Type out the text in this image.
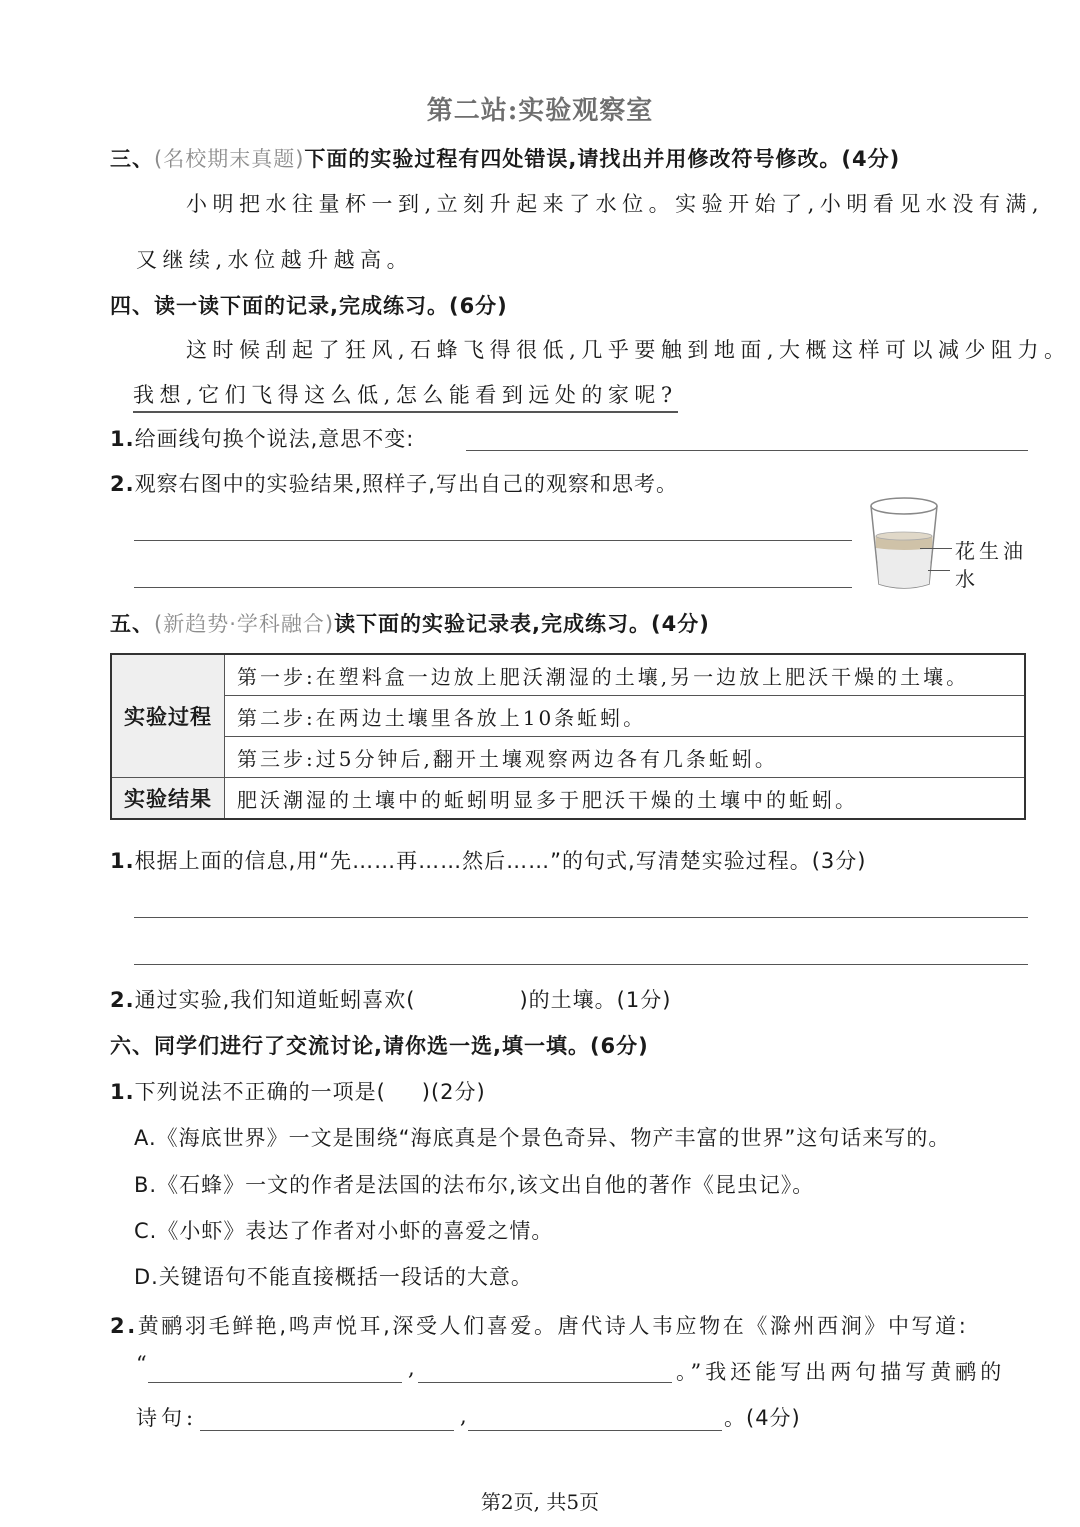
第二站:实验观察室
三、(名校期末真题)下面的实验过程有四处错误,请找出并用修改符号修改。(4分)
小明把水往量杯一到,立刻升起来了水位。实验开始了,小明看见水没有满,
又继续,水位越升越高。
四、读一读下面的记录,完成练习。(6分)
这时候刮起了狂风,石蜂飞得很低,几乎要触到地面,大概这样可以减少阻力。
我想,它们飞得这么低,怎么能看到远处的家呢?
1.给画线句换个说法,意思不变:
2.观察右图中的实验结果,照样子,写出自己的观察和思考。
花生油
水
五、(新趋势·学科融合)读下面的实验记录表,完成练习。(4分)
实验过程	第一步:在塑料盒一边放上肥沃潮湿的土壤,另一边放上肥沃干燥的土壤。
	第二步:在两边土壤里各放上10条蚯蚓。
	第三步:过5分钟后,翻开土壤观察两边各有几条蚯蚓。
实验结果	肥沃潮湿的土壤中的蚯蚓明显多于肥沃干燥的土壤中的蚯蚓。
1.根据上面的信息,用“先……再……然后……”的句式,写清楚实验过程。(3分)
2.通过实验,我们知道蚯蚓喜欢(	)的土壤。(1分)
六、同学们进行了交流讨论,请你选一选,填一填。(6分)
1.下列说法不正确的一项是( )(2分)
A.《海底世界》一文是围绕“海底真是个景色奇异、物产丰富的世界”这句话来写的。
B.《石蜂》一文的作者是法国的法布尔,该文出自他的著作《昆虫记》。
C.《小虾》表达了作者对小虾的喜爱之情。
D.关键语句不能直接概括一段话的大意。
2.黄鹂羽毛鲜艳,鸣声悦耳,深受人们喜爱。唐代诗人韦应物在《滁州西涧》中写道:
“	,	。”我还能写出两句描写黄鹂的
诗句:	,	。(4分)
第2页, 共5页
